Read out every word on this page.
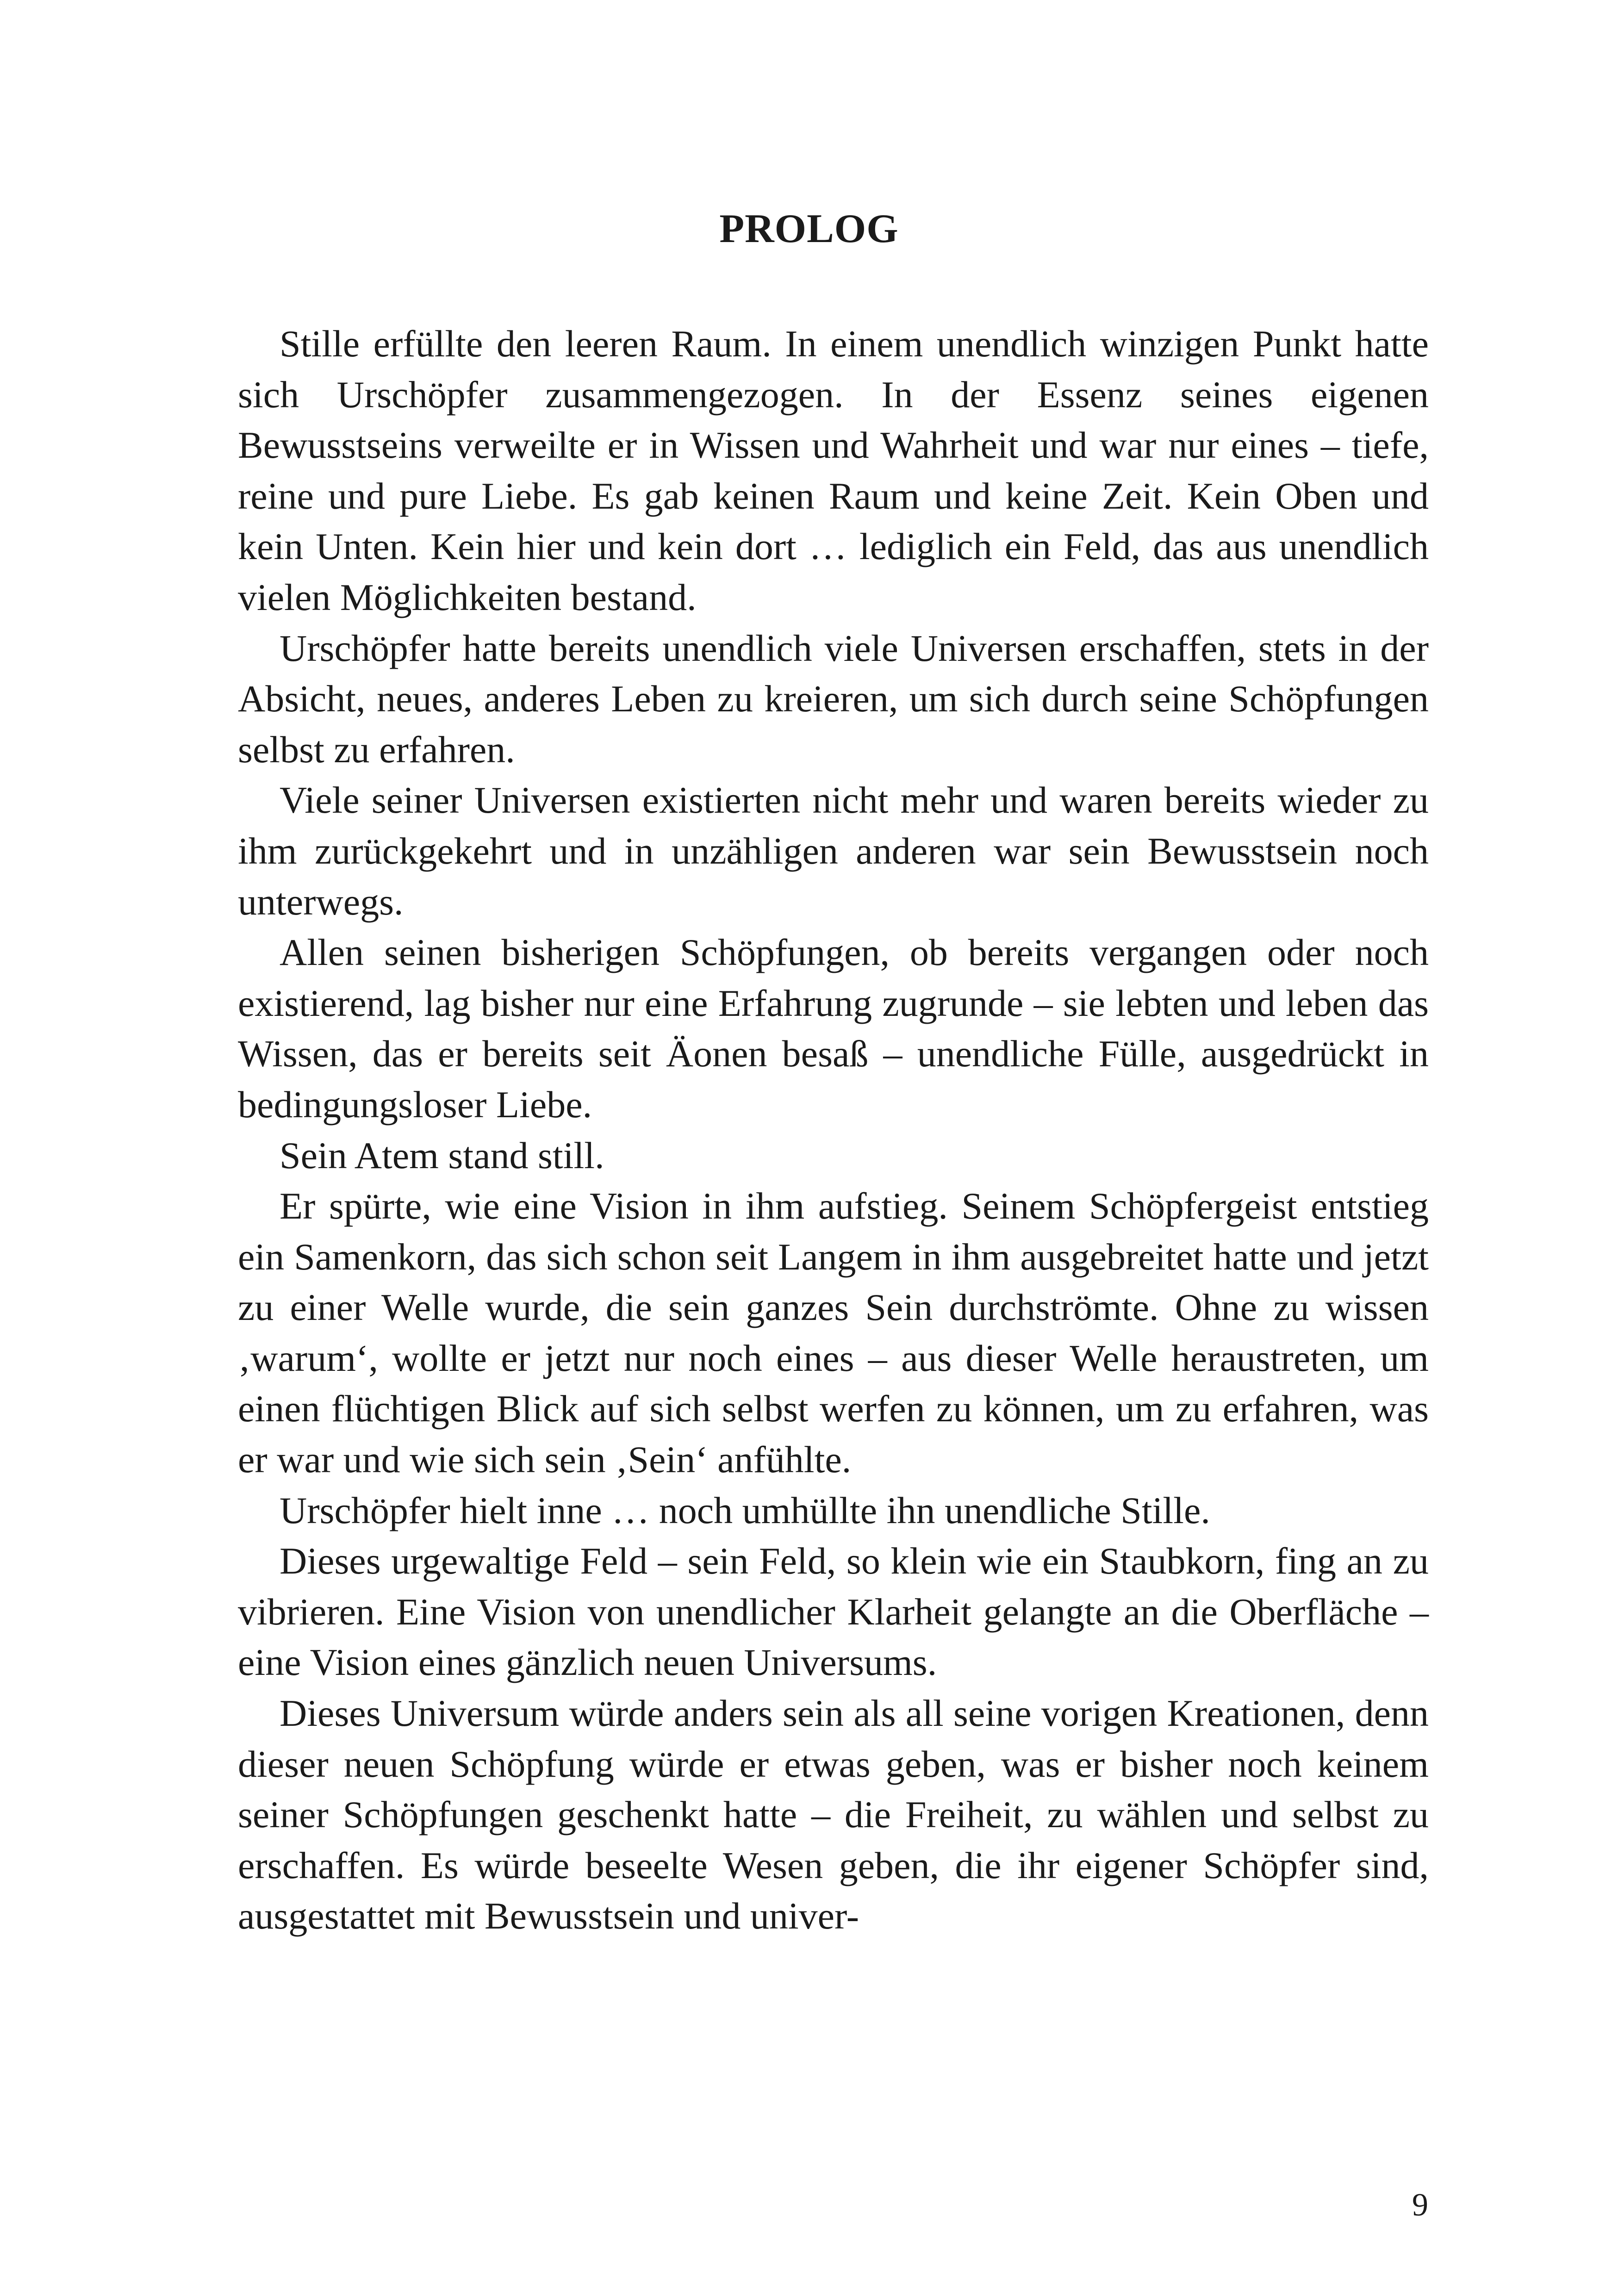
PROLOG

Stille erfüllte den leeren Raum. In einem unendlich winzigen Punkt hatte sich Urschöpfer zusammengezogen. In der Essenz seines eigenen Bewusstseins verweilte er in Wissen und Wahrheit und war nur eines – tiefe, reine und pure Liebe. Es gab keinen Raum und keine Zeit. Kein Oben und kein Unten. Kein hier und kein dort … lediglich ein Feld, das aus unendlich vielen Möglichkeiten bestand.

Urschöpfer hatte bereits unendlich viele Universen erschaffen, stets in der Absicht, neues, anderes Leben zu kreieren, um sich durch seine Schöpfungen selbst zu erfahren.

Viele seiner Universen existierten nicht mehr und waren bereits wieder zu ihm zurückgekehrt und in unzähligen anderen war sein Bewusstsein noch unterwegs.

Allen seinen bisherigen Schöpfungen, ob bereits vergangen oder noch existierend, lag bisher nur eine Erfahrung zugrunde – sie lebten und leben das Wissen, das er bereits seit Äonen besaß – unendliche Fülle, ausgedrückt in bedingungsloser Liebe.

Sein Atem stand still.

Er spürte, wie eine Vision in ihm aufstieg. Seinem Schöpfergeist entstieg ein Samenkorn, das sich schon seit Langem in ihm ausgebreitet hatte und jetzt zu einer Welle wurde, die sein ganzes Sein durchströmte. Ohne zu wissen ‚warum‘, wollte er jetzt nur noch eines – aus dieser Welle heraustreten, um einen flüchtigen Blick auf sich selbst werfen zu können, um zu erfahren, was er war und wie sich sein ‚Sein‘ anfühlte.

Urschöpfer hielt inne … noch umhüllte ihn unendliche Stille.

Dieses urgewaltige Feld – sein Feld, so klein wie ein Staubkorn, fing an zu vibrieren. Eine Vision von unendlicher Klarheit gelangte an die Oberfläche – eine Vision eines gänzlich neuen Universums.

Dieses Universum würde anders sein als all seine vorigen Kreationen, denn dieser neuen Schöpfung würde er etwas geben, was er bisher noch keinem seiner Schöpfungen geschenkt hatte – die Freiheit, zu wählen und selbst zu erschaffen. Es würde beseelte Wesen geben, die ihr eigener Schöpfer sind, ausgestattet mit Bewusstsein und univer-

9
